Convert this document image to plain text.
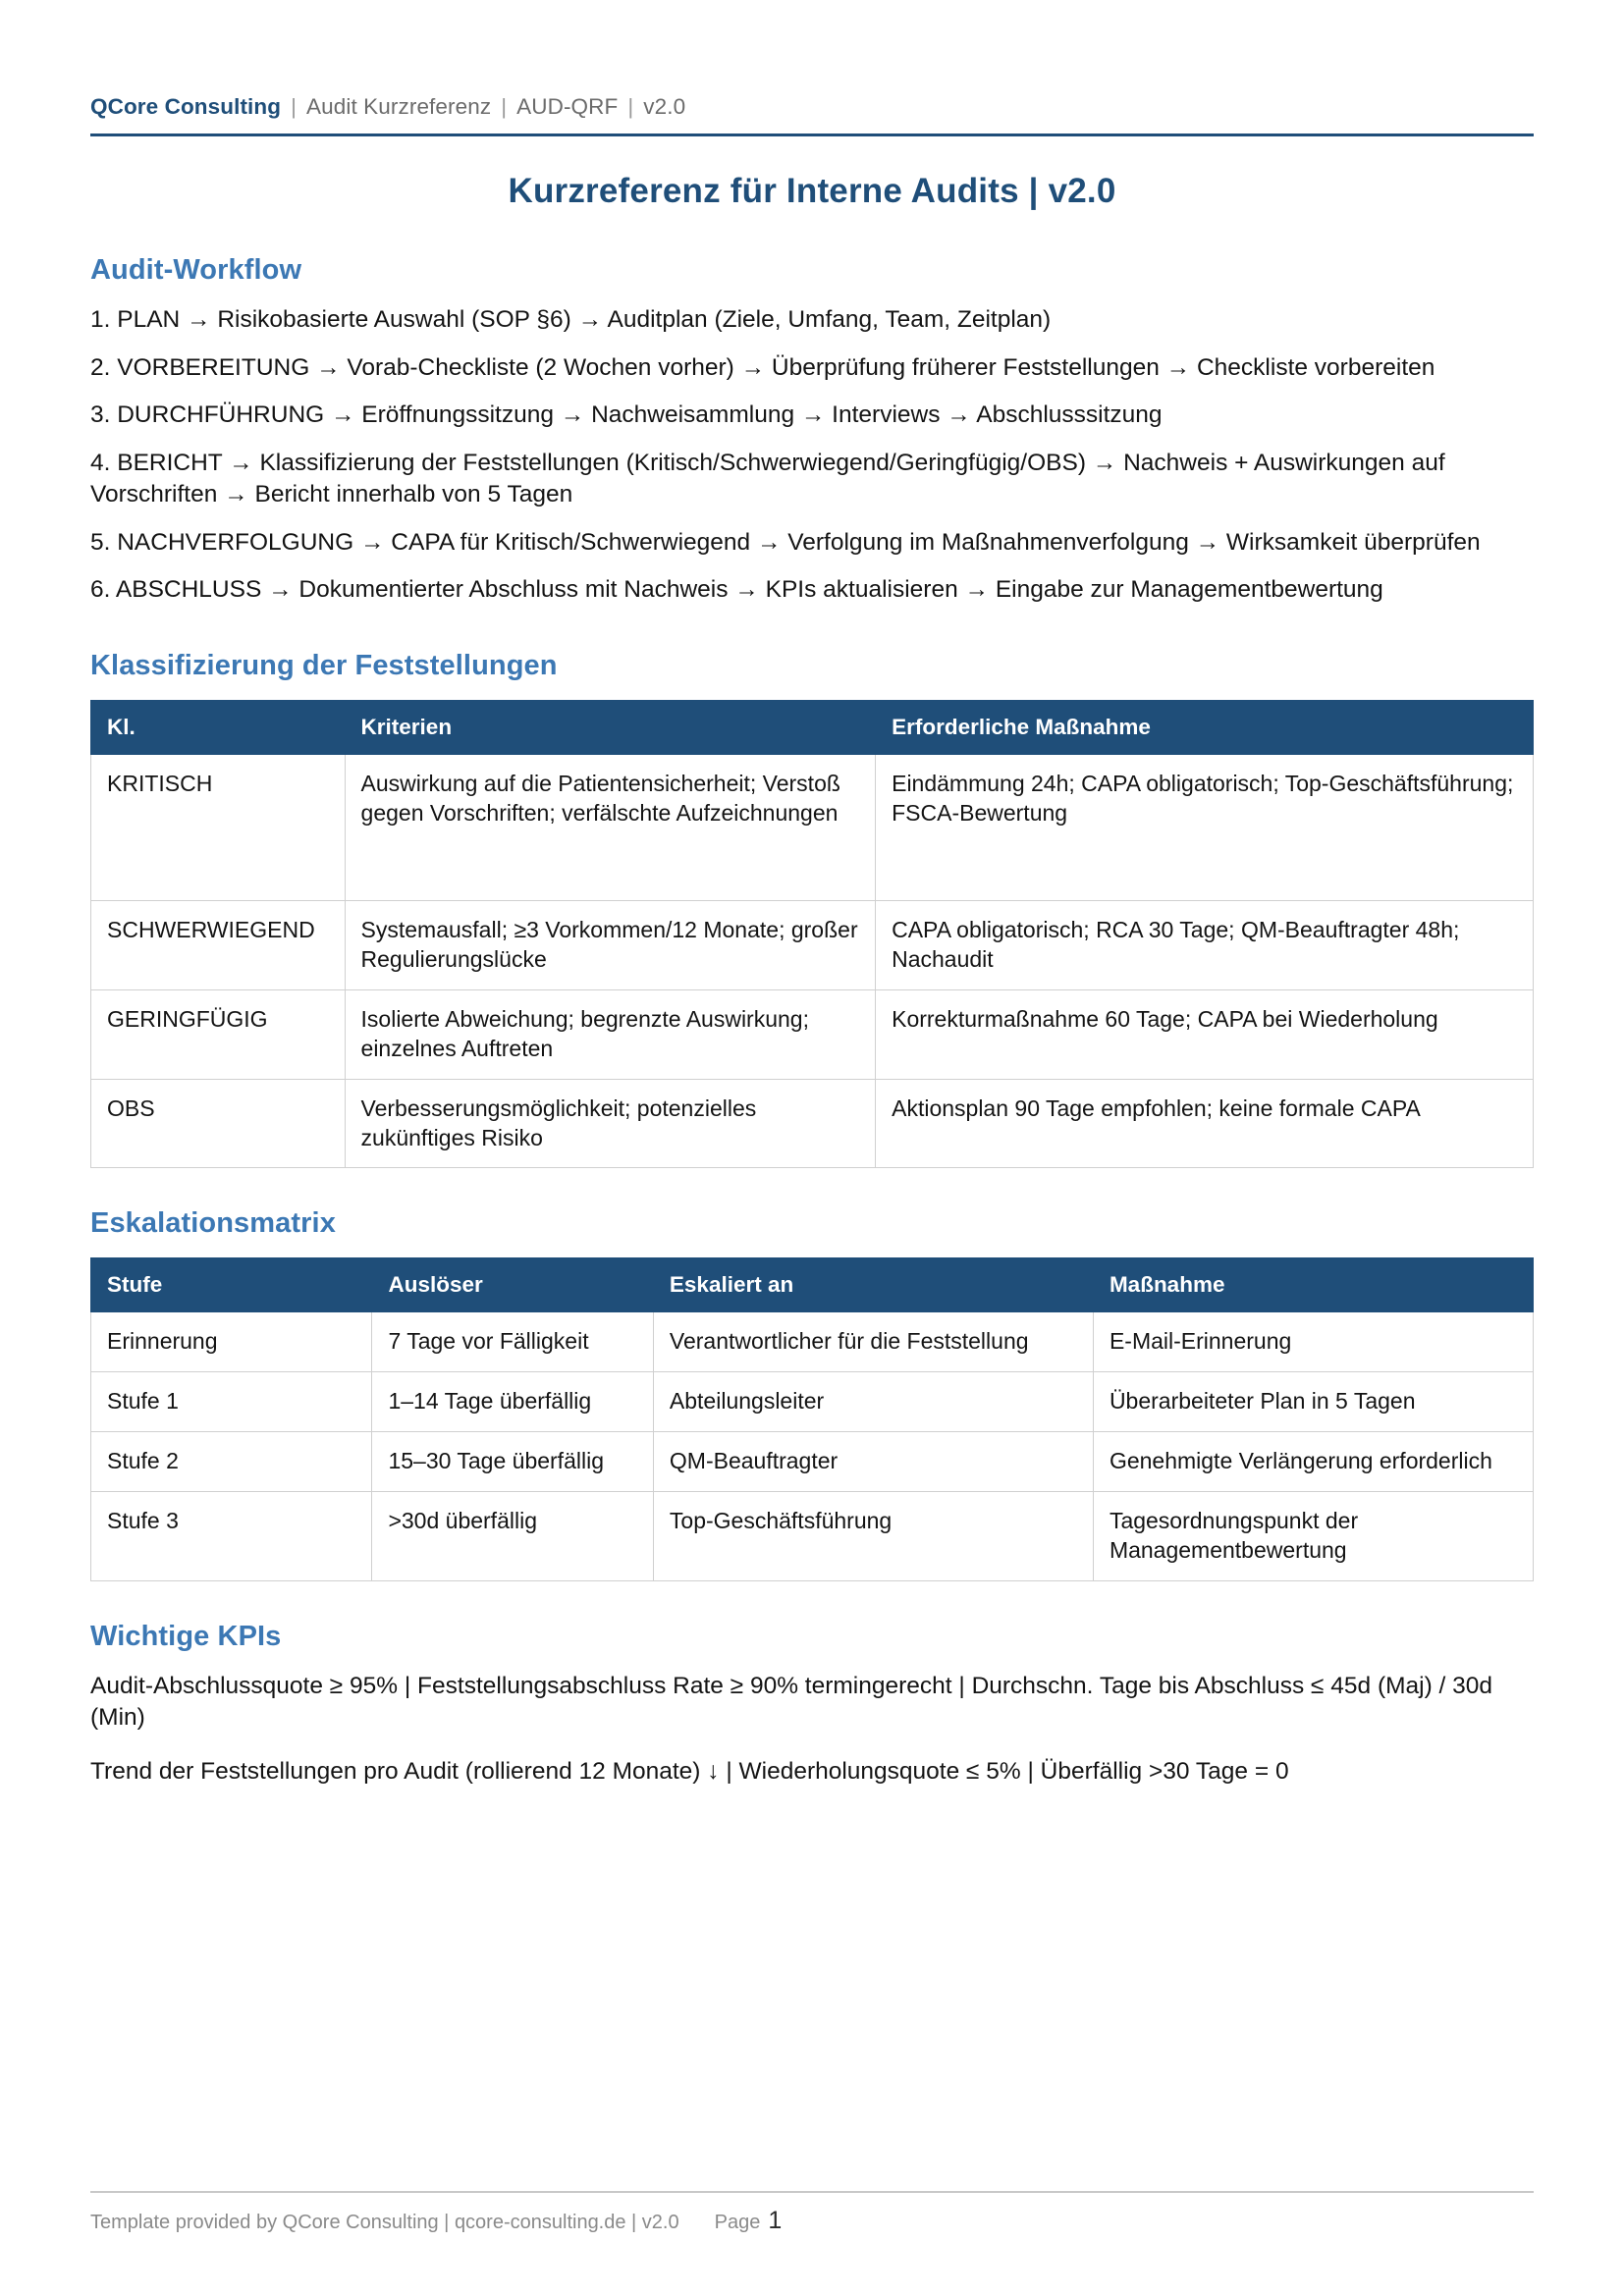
QCore Consulting | Audit Kurzreferenz | AUD-QRF | v2.0
Kurzreferenz für Interne Audits | v2.0
Audit-Workflow

1. PLAN → Risikobasierte Auswahl (SOP §6) → Auditplan (Ziele, Umfang, Team, Zeitplan)

2. VORBEREITUNG → Vorab-Checkliste (2 Wochen vorher) → Überprüfung früherer Feststellungen → Checkliste vorbereiten

3. DURCHFÜHRUNG → Eröffnungssitzung → Nachweisammlung → Interviews → Abschlusssitzung

4. BERICHT → Klassifizierung der Feststellungen (Kritisch/Schwerwiegend/Geringfügig/OBS) → Nachweis + Auswirkungen auf Vorschriften → Bericht innerhalb von 5 Tagen

5. NACHVERFOLGUNG → CAPA für Kritisch/Schwerwiegend → Verfolgung im Maßnahmenverfolgung → Wirksamkeit überprüfen

6. ABSCHLUSS → Dokumentierter Abschluss mit Nachweis → KPIs aktualisieren → Eingabe zur Managementbewertung

Klassifizierung der Feststellungen
Kl.	Kriterien	Erforderliche Maßnahme
KRITISCH	Auswirkung auf die Patientensicherheit; Verstoß gegen Vorschriften; verfälschte Aufzeichnungen	Eindämmung 24h; CAPA obligatorisch; Top-Geschäftsführung; FSCA-Bewertung
SCHWERWIEGEND	Systemausfall; ≥3 Vorkommen/12 Monate; großer Regulierungslücke	CAPA obligatorisch; RCA 30 Tage; QM-Beauftragter 48h; Nachaudit
GERINGFÜGIG	Isolierte Abweichung; begrenzte Auswirkung; einzelnes Auftreten	Korrekturmaßnahme 60 Tage; CAPA bei Wiederholung
OBS	Verbesserungsmöglichkeit; potenzielles zukünftiges Risiko	Aktionsplan 90 Tage empfohlen; keine formale CAPA
Eskalationsmatrix
Stufe	Auslöser	Eskaliert an	Maßnahme
Erinnerung	7 Tage vor Fälligkeit	Verantwortlicher für die Feststellung	E-Mail-Erinnerung
Stufe 1	1–14 Tage überfällig	Abteilungsleiter	Überarbeiteter Plan in 5 Tagen
Stufe 2	15–30 Tage überfällig	QM-Beauftragter	Genehmigte Verlängerung erforderlich
Stufe 3	>30d überfällig	Top-Geschäftsführung	Tagesordnungspunkt der Managementbewertung
Wichtige KPIs

Audit-Abschlussquote ≥ 95% | Feststellungsabschluss Rate ≥ 90% termingerecht | Durchschn. Tage bis Abschluss ≤ 45d (Maj) / 30d (Min)

Trend der Feststellungen pro Audit (rollierend 12 Monate) ↓ | Wiederholungsquote ≤ 5% | Überfällig >30 Tage = 0

Template provided by QCore Consulting | qcore-consulting.de | v2.0 Page 1
